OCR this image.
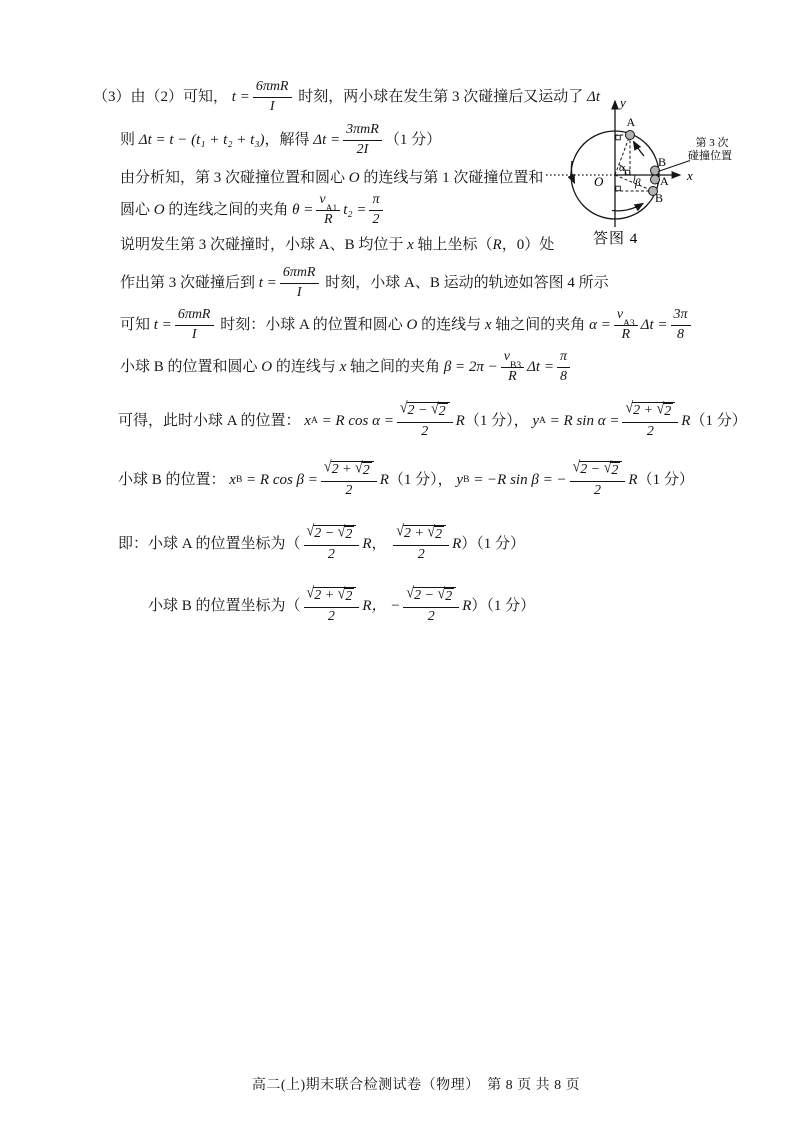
（3）由（2）可知， $t = \frac{\text{6πmR}}{I}$ 时刻，两小球在发生第 3 次碰撞后又运动了 Δt
则 Δt = t − (t₁ + t₂ + t₃) ，解得 $\Delta t = \frac{\text{3πmR}}{2I} (1$ 分）
由分析知，第 3 次碰撞位置和圆心 O 的连线与第 1 次碰撞位置和
圆心 O 的连线之间的夹角 θ = v
A1
R $t_2 = \frac{\pi}{2}$
说明发生第 3 次碰撞时，小球 A、B 均位于 x 轴上坐标（ R ，0）处
作出第 3 次碰撞后到 $t = \frac{\text{6πmR}}{I}$ 时刻，小球 A、B 运动的轨迹如答图 4 所示
可知 $t = \frac{\text{6πmR}}{I}$ 时刻：小球 A 的位置和圆心 O 的连线与 x 轴之间的夹角 α = v
A3
R $\Delta t = \frac{3\pi}{8}$
小球 B 的位置和圆心 O 的连线与 x 轴之间的夹角 β = 2π − v
B3
R $\Delta t = \frac{\pi}{8}$
可得，此时小球 A 的位置： x A = R $\cos \alpha = \frac{√ 2 - √ 2}{2}$ R （1 分）， y A = R $\sin \alpha = \frac{√ 2 + √ 2}{2}$ R （1 分）
小球 B 的位置： x B = R $\cos \beta = \frac{√ 2 + √ 2}{2}$ R （1 分）， y B = −R sin β = − $\frac{√ 2 - √ 2}{2}$ R （1 分）
即：小球 A 的位置坐标为（ $\frac{√ 2 - √ 2}{2}$ R ， $\frac{√ 2 + √ 2}{2}$ R ）（1 分）
小球 B 的位置坐标为（ $\frac{√ 2 + √ 2}{2}$ R ， − $\frac{√ 2 - √ 2}{2}$ R ）（1 分）
x
y
O
α
β
A
B
A
B
第 3 次
碰撞位置
答图 4
高二(上)期末联合检测试卷（物理）　第 8 页 共 8 页
